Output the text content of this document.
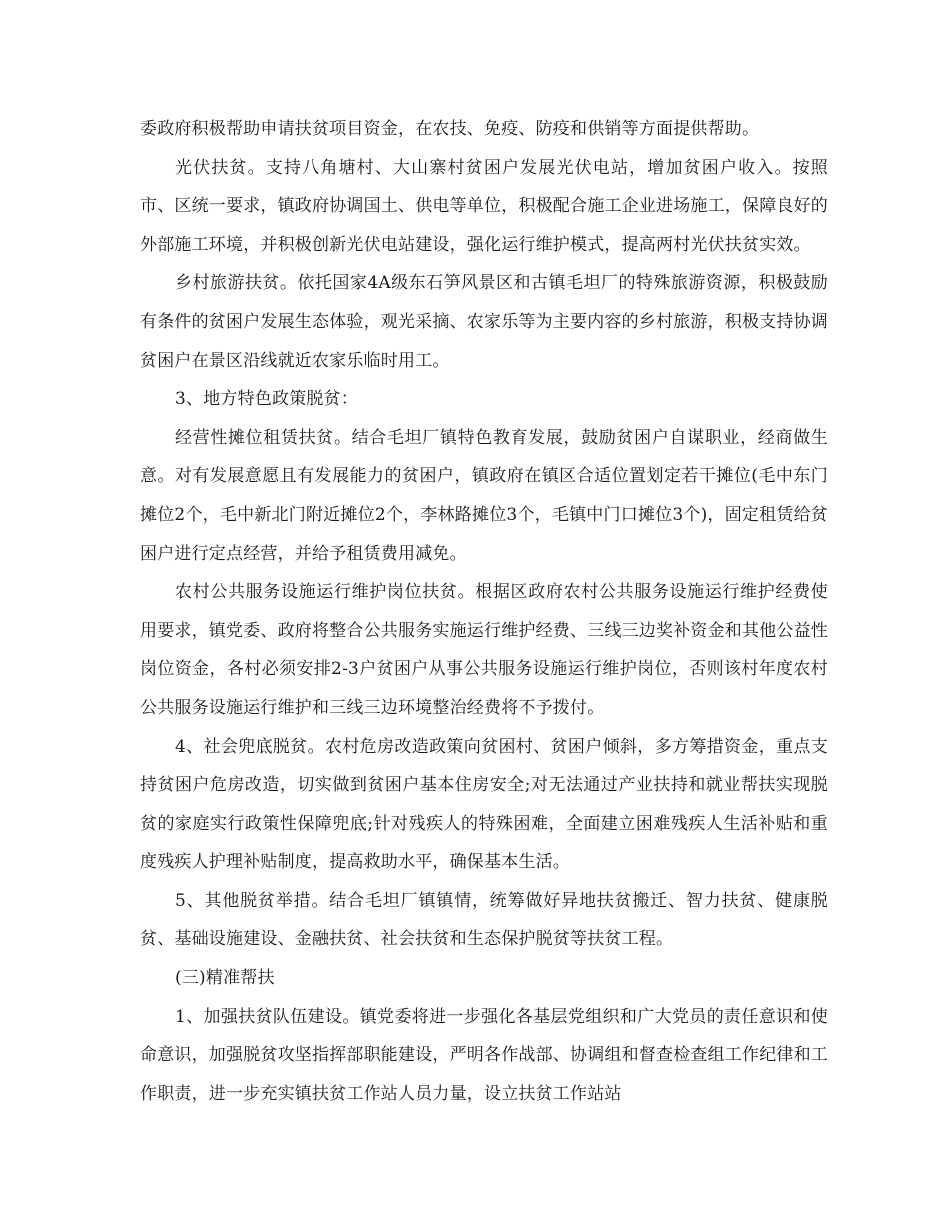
委政府积极帮助申请扶贫项目资金，在农技、免疫、防疫和供销等方面提供帮助。

光伏扶贫。支持八角塘村、大山寨村贫困户发展光伏电站，增加贫困户收入。按照市、区统一要求，镇政府协调国土、供电等单位，积极配合施工企业进场施工，保障良好的外部施工环境，并积极创新光伏电站建设，强化运行维护模式，提高两村光伏扶贫实效。

乡村旅游扶贫。依托国家4A级东石笋风景区和古镇毛坦厂的特殊旅游资源，积极鼓励有条件的贫困户发展生态体验，观光采摘、农家乐等为主要内容的乡村旅游，积极支持协调贫困户在景区沿线就近农家乐临时用工。

3、地方特色政策脱贫：

经营性摊位租赁扶贫。结合毛坦厂镇特色教育发展，鼓励贫困户自谋职业，经商做生意。对有发展意愿且有发展能力的贫困户，镇政府在镇区合适位置划定若干摊位(毛中东门摊位2个，毛中新北门附近摊位2个，李林路摊位3个，毛镇中门口摊位3个)，固定租赁给贫困户进行定点经营，并给予租赁费用减免。

农村公共服务设施运行维护岗位扶贫。根据区政府农村公共服务设施运行维护经费使用要求，镇党委、政府将整合公共服务实施运行维护经费、三线三边奖补资金和其他公益性岗位资金，各村必须安排2-3户贫困户从事公共服务设施运行维护岗位，否则该村年度农村公共服务设施运行维护和三线三边环境整治经费将不予拨付。

4、社会兜底脱贫。农村危房改造政策向贫困村、贫困户倾斜，多方筹措资金，重点支持贫困户危房改造，切实做到贫困户基本住房安全;对无法通过产业扶持和就业帮扶实现脱贫的家庭实行政策性保障兜底;针对残疾人的特殊困难，全面建立困难残疾人生活补贴和重度残疾人护理补贴制度，提高救助水平，确保基本生活。

5、其他脱贫举措。结合毛坦厂镇镇情，统筹做好异地扶贫搬迁、智力扶贫、健康脱贫、基础设施建设、金融扶贫、社会扶贫和生态保护脱贫等扶贫工程。

(三)精准帮扶

1、加强扶贫队伍建设。镇党委将进一步强化各基层党组织和广大党员的责任意识和使命意识，加强脱贫攻坚指挥部职能建设，严明各作战部、协调组和督查检查组工作纪律和工作职责，进一步充实镇扶贫工作站人员力量，设立扶贫工作站站
